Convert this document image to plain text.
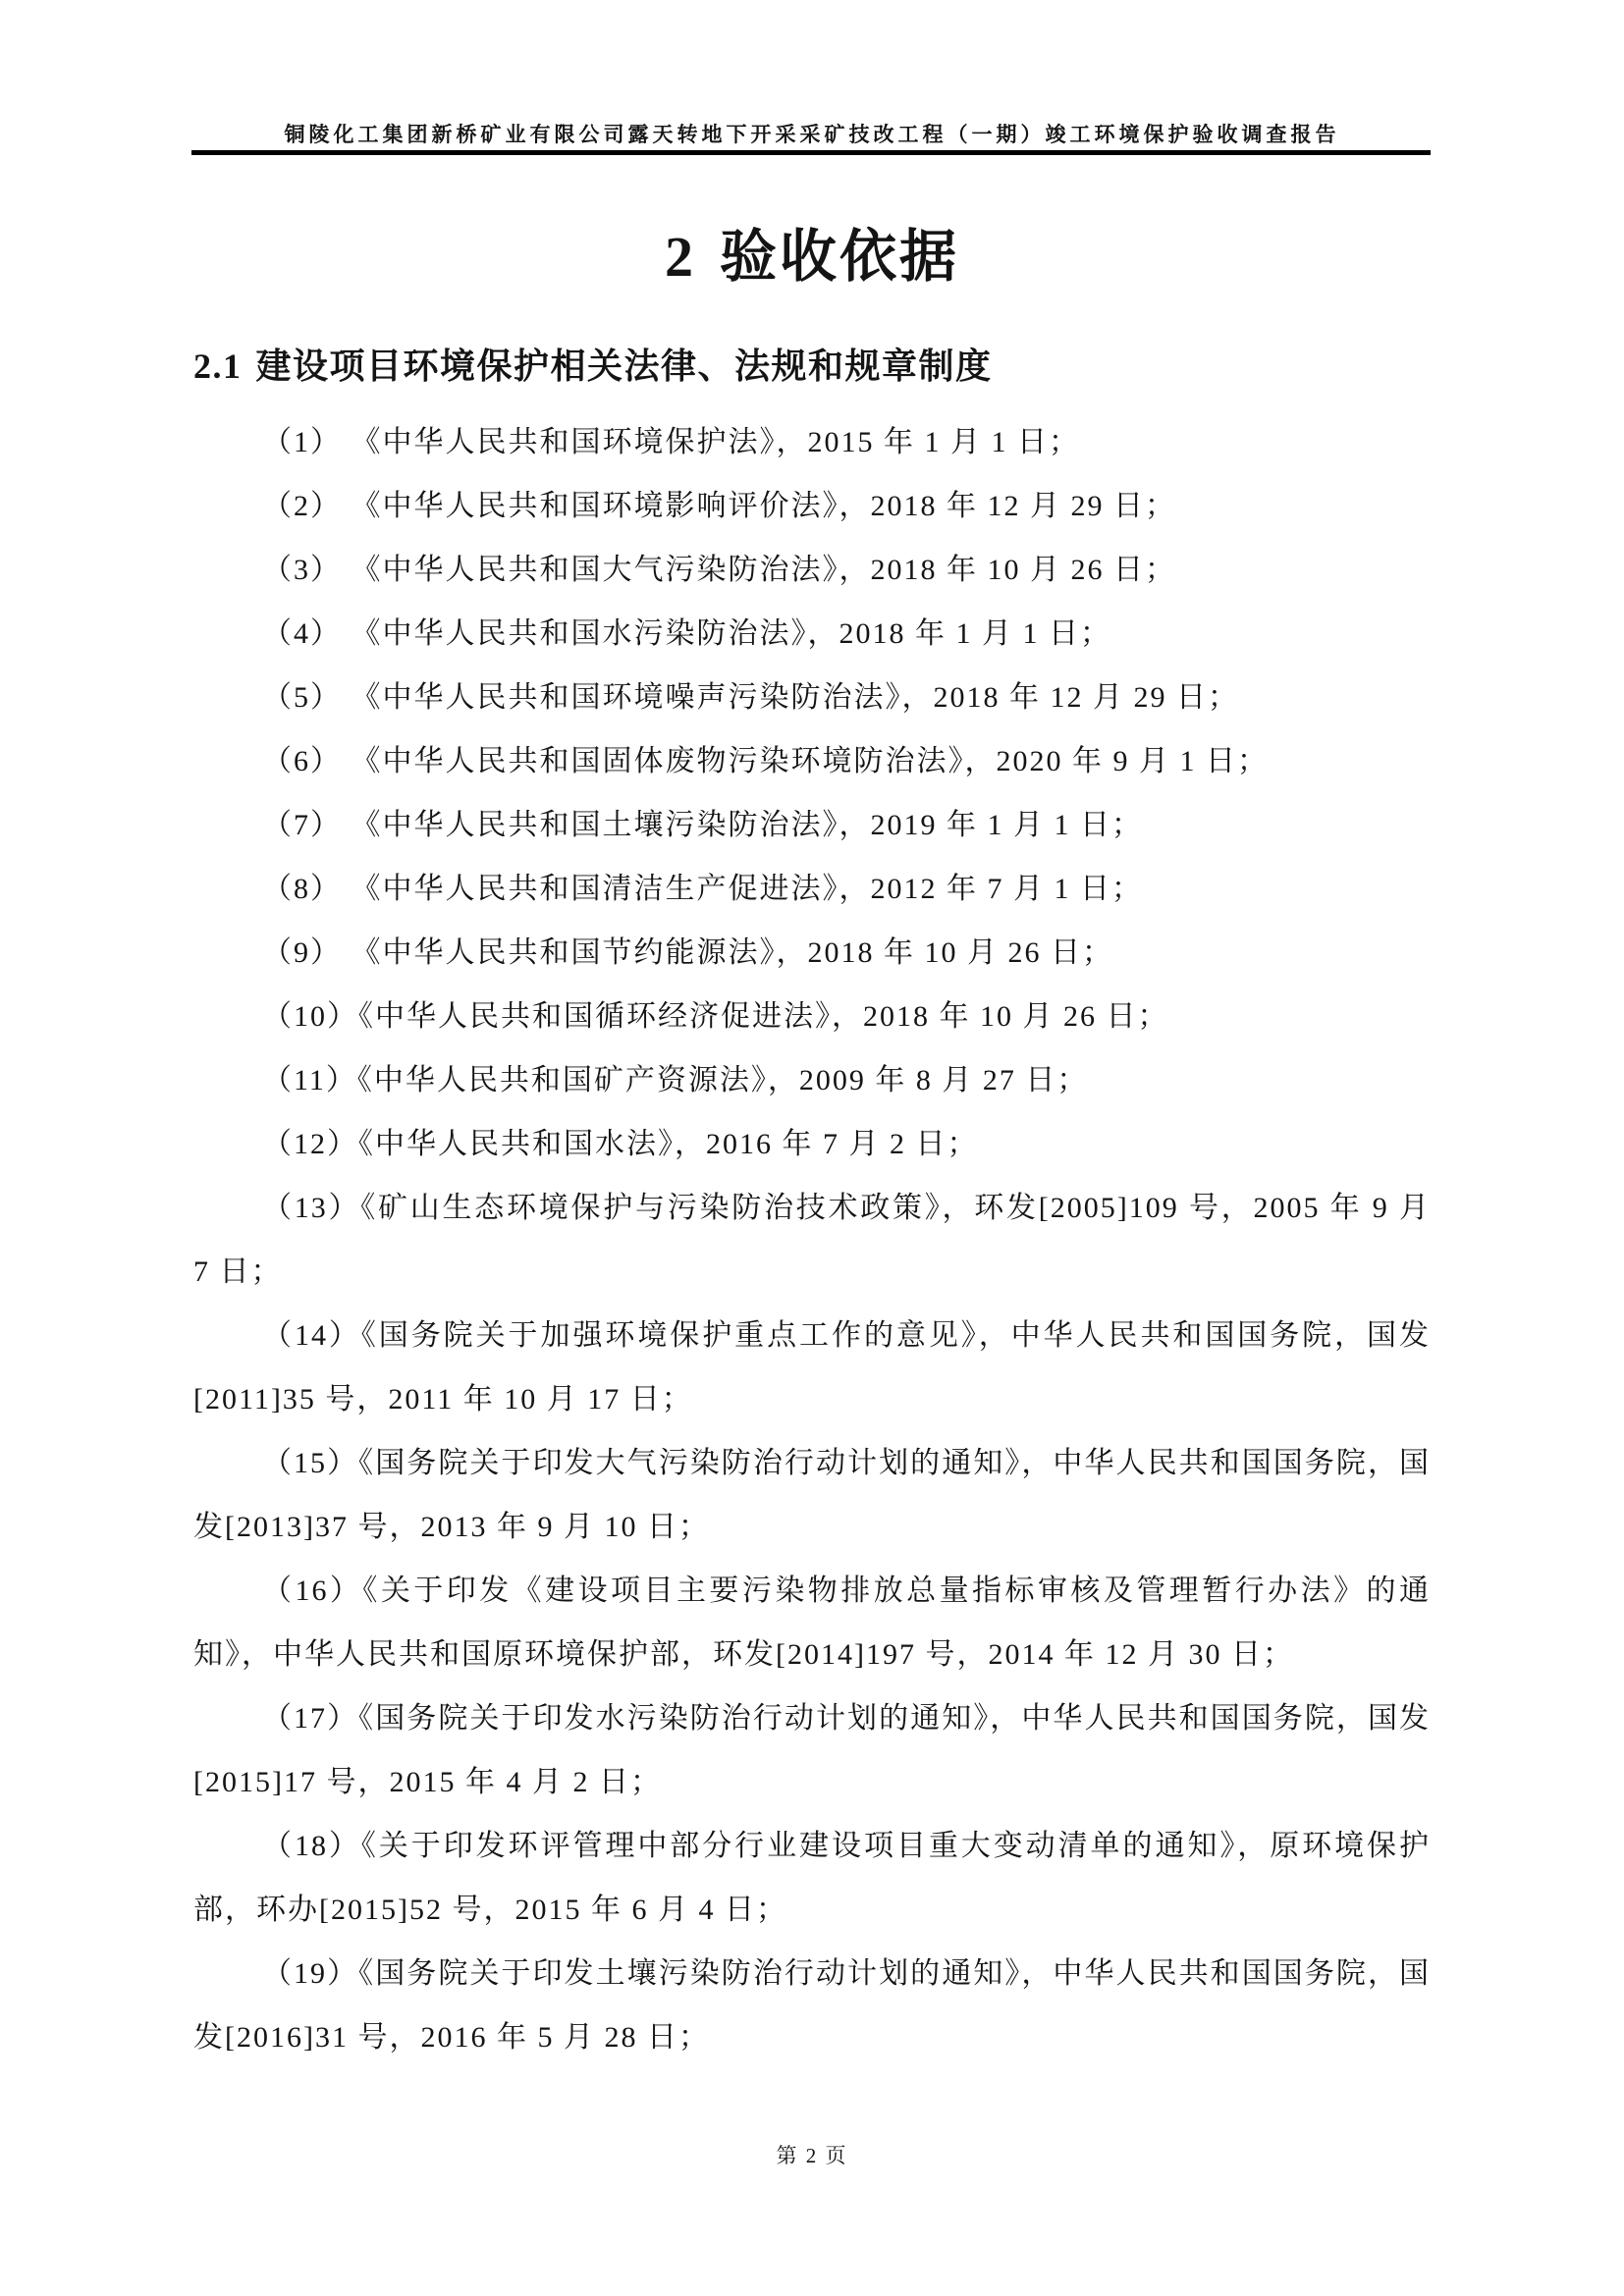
铜陵化工集团新桥矿业有限公司露天转地下开采采矿技改工程（一期）竣工环境保护验收调查报告
2 验收依据
2.1 建设项目环境保护相关法律、法规和规章制度

（1） 《中华人民共和国环境保护法》，2015 年 1 月 1 日；

（2） 《中华人民共和国环境影响评价法》，2018 年 12 月 29 日；

（3） 《中华人民共和国大气污染防治法》，2018 年 10 月 26 日；

（4） 《中华人民共和国水污染防治法》，2018 年 1 月 1 日；

（5） 《中华人民共和国环境噪声污染防治法》，2018 年 12 月 29 日；

（6） 《中华人民共和国固体废物污染环境防治法》，2020 年 9 月 1 日；

（7） 《中华人民共和国土壤污染防治法》，2019 年 1 月 1 日；

（8） 《中华人民共和国清洁生产促进法》，2012 年 7 月 1 日；

（9） 《中华人民共和国节约能源法》，2018 年 10 月 26 日；

（10）《中华人民共和国循环经济促进法》，2018 年 10 月 26 日；

（11）《中华人民共和国矿产资源法》，2009 年 8 月 27 日；

（12）《中华人民共和国水法》，2016 年 7 月 2 日；

（13）《矿山生态环境保护与污染防治技术政策》，环发[2005]109 号，2005 年 9 月 7 日；

（14）《国务院关于加强环境保护重点工作的意见》，中华人民共和国国务院，国发[2011]35 号，2011 年 10 月 17 日；

（15）《国务院关于印发大气污染防治行动计划的通知》，中华人民共和国国务院，国发[2013]37 号，2013 年 9 月 10 日；

（16）《关于印发《建设项目主要污染物排放总量指标审核及管理暂行办法》的通知》，中华人民共和国原环境保护部，环发[2014]197 号，2014 年 12 月 30 日；

（17）《国务院关于印发水污染防治行动计划的通知》，中华人民共和国国务院，国发[2015]17 号，2015 年 4 月 2 日；

（18）《关于印发环评管理中部分行业建设项目重大变动清单的通知》，原环境保护部，环办[2015]52 号，2015 年 6 月 4 日；

（19）《国务院关于印发土壤污染防治行动计划的通知》，中华人民共和国国务院，国发[2016]31 号，2016 年 5 月 28 日；

第 2 页
